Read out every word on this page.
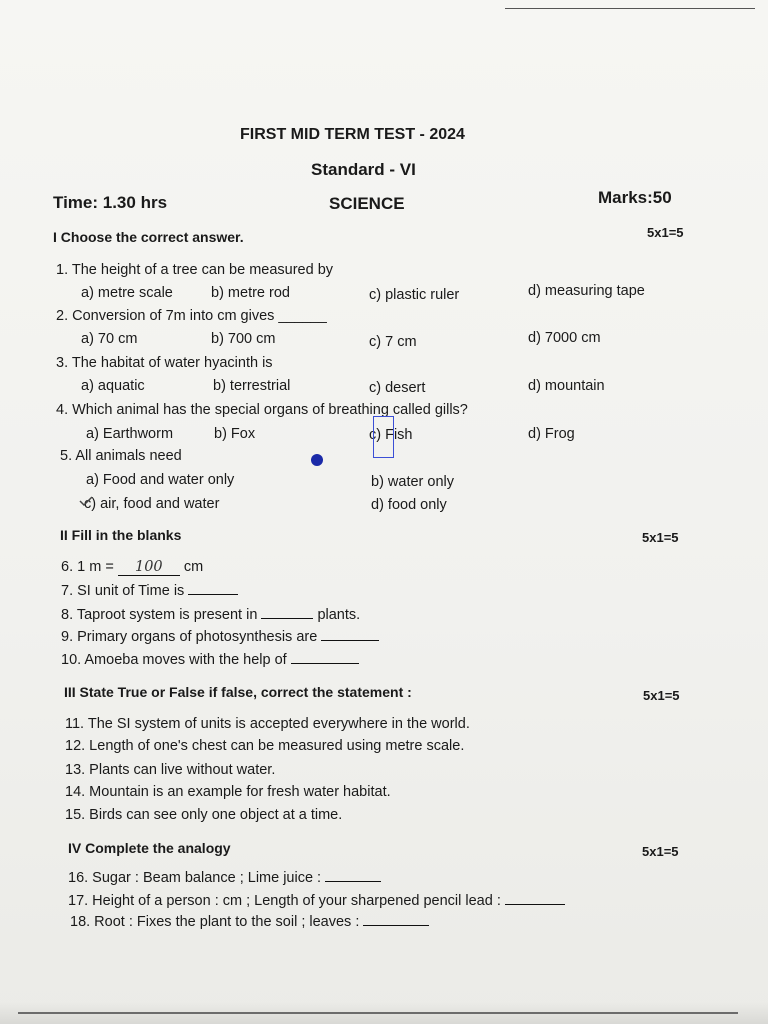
FIRST MID TERM TEST - 2024
Standard - VI
Time: 1.30 hrs	SCIENCE	Marks:50
I Choose the correct answer.	5x1=5
1. The height of a tree can be measured by
a) metre scale	b) metre rod	c) plastic ruler	d) measuring tape
2. Conversion of 7m into cm gives ______
a) 70 cm	b) 700 cm	c) 7 cm	d) 7000 cm
3. The habitat of water hyacinth is
a) aquatic	b) terrestrial	c) desert	d) mountain
4. Which animal has the special organs of breathing called gills?
a) Earthworm	b) Fox	c) Fish	d) Frog
5. All animals need
a) Food and water only	b) water only
c) air, food and water	d) food only
II Fill in the blanks	5x1=5
6. 1 m = 100 cm
7. SI unit of Time is
8. Taproot system is present in	plants.
9. Primary organs of photosynthesis are
10. Amoeba moves with the help of
III State True or False if false, correct the statement :	5x1=5
11. The SI system of units is accepted everywhere in the world.
12. Length of one's chest can be measured using metre scale.
13. Plants can live without water.
14. Mountain is an example for fresh water habitat.
15. Birds can see only one object at a time.
IV Complete the analogy	5x1=5
16. Sugar : Beam balance ; Lime juice :
17. Height of a person : cm ; Length of your sharpened pencil lead :
18. Root : Fixes the plant to the soil ; leaves :
